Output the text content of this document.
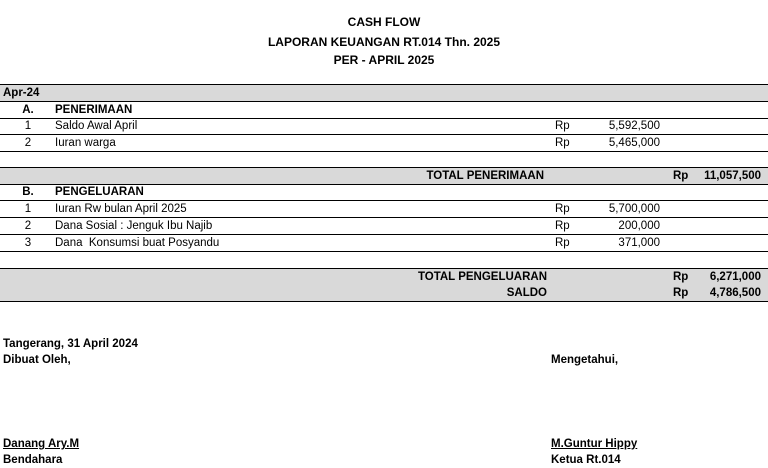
CASH FLOW
LAPORAN KEUANGAN RT.014 Thn. 2025
PER - APRIL 2025
Apr-24
A.	PENERIMAAN
1	Saldo Awal April	Rp	5,592,500
2	Iuran warga	Rp	5,465,000
TOTAL PENERIMAAN	Rp	11,057,500
B.	PENGELUARAN
1	Iuran Rw bulan April 2025	Rp	5,700,000
2	Dana Sosial : Jenguk Ibu Najib	Rp	200,000
3	Dana  Konsumsi buat Posyandu	Rp	371,000
TOTAL PENGELUARAN	Rp	6,271,000
SALDO	Rp	4,786,500
Tangerang, 31 April 2024
Dibuat Oleh,	Mengetahui,
Danang Ary.M
Bendahara
M.Guntur Hippy
Ketua Rt.014
